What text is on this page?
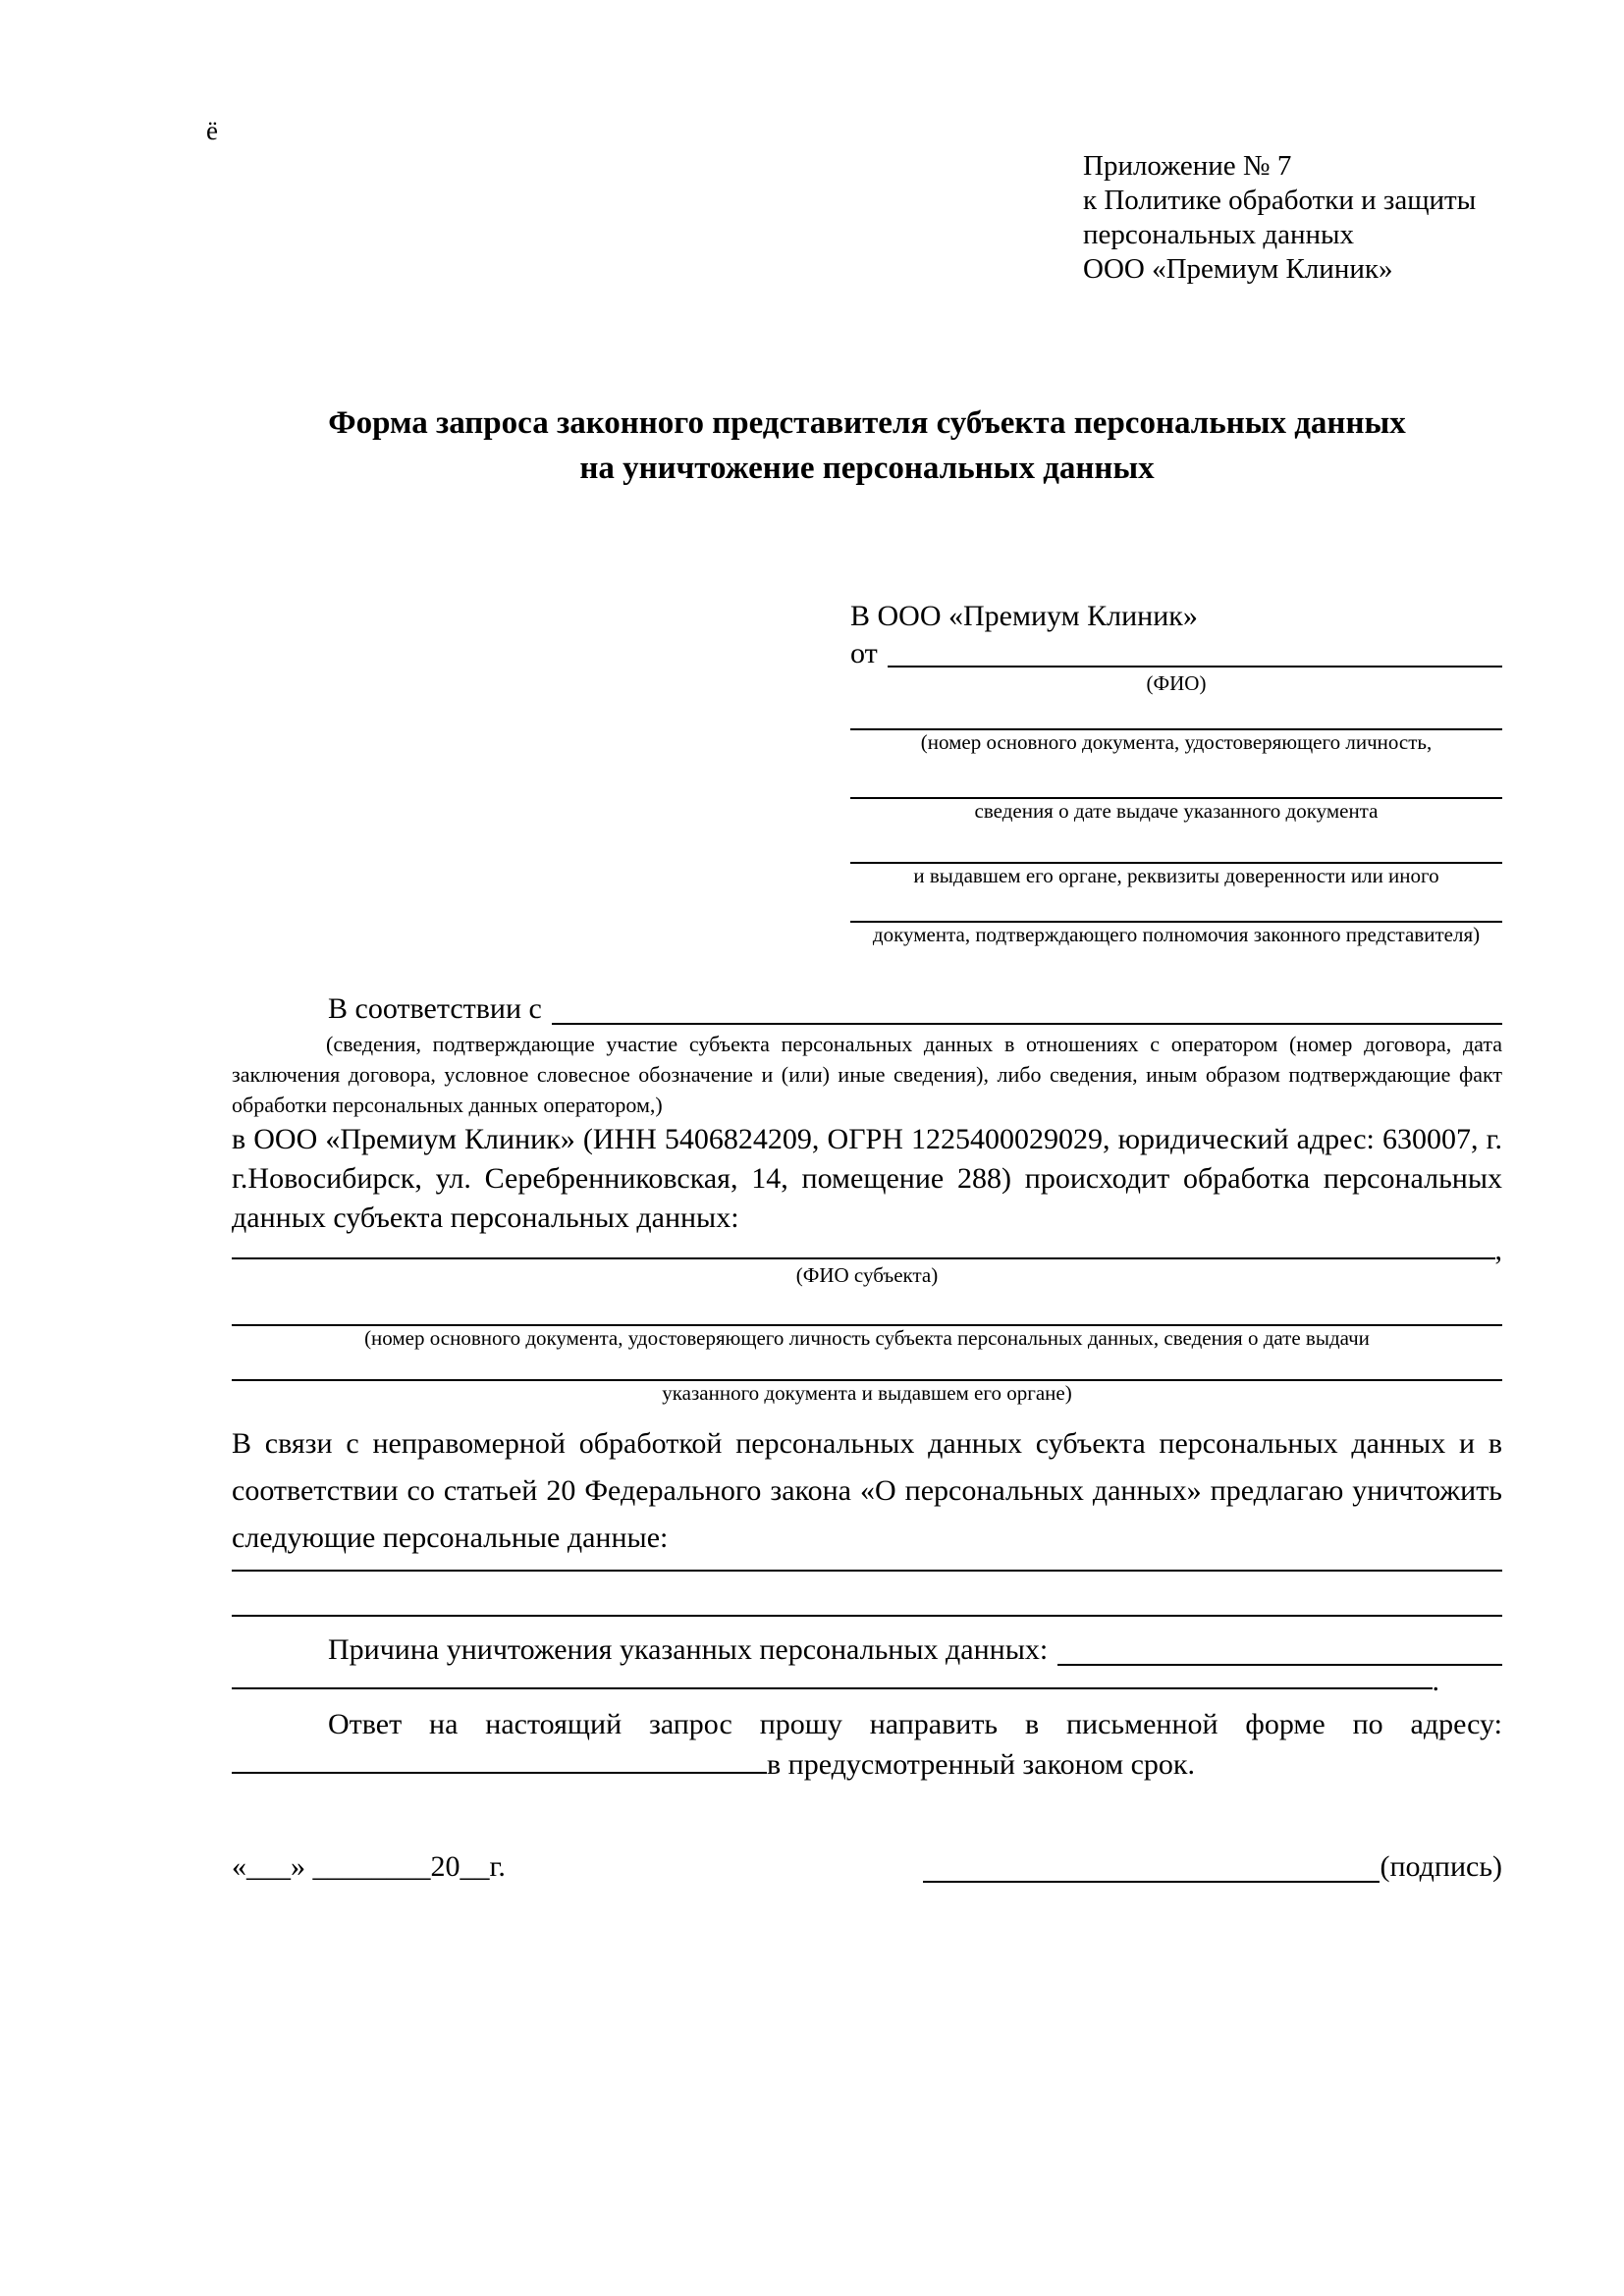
ё
Приложение № 7
к Политике обработки и защиты
персональных данных
ООО «Премиум Клиник»
Форма запроса законного представителя субъекта персональных данных
на уничтожение персональных данных
В ООО «Премиум Клиник»
от
(ФИО)
(номер основного документа, удостоверяющего личность,
сведения о дате выдаче указанного документа
и выдавшем его органе, реквизиты доверенности или иного
документа, подтверждающего полномочия законного представителя)
В соответствии с

(сведения, подтверждающие участие субъекта персональных данных в отношениях с оператором (номер договора, дата заключения договора, условное словесное обозначение и (или) иные сведения), либо сведения, иным образом подтверждающие факт обработки персональных данных оператором,)

в ООО «Премиум Клиник» (ИНН 5406824209, ОГРН 1225400029029, юридический адрес: 630007, г. г.Новосибирск, ул. Серебренниковская, 14, помещение 288) происходит обработка персональных данных субъекта персональных данных:

,
(ФИО субъекта)
(номер основного документа, удостоверяющего личность субъекта персональных данных, сведения о дате выдачи
указанного документа и выдавшем его органе)

В связи с неправомерной обработкой персональных данных субъекта персональных данных и в соответствии со статьей 20 Федерального закона «О персональных данных» предлагаю уничтожить следующие персональные данные:

Причина уничтожения указанных персональных данных:
.

Ответ на настоящий запрос прошу направить в письменной форме по адресу: в предусмотренный законом срок.

«___» ________20__г.	(подпись)
